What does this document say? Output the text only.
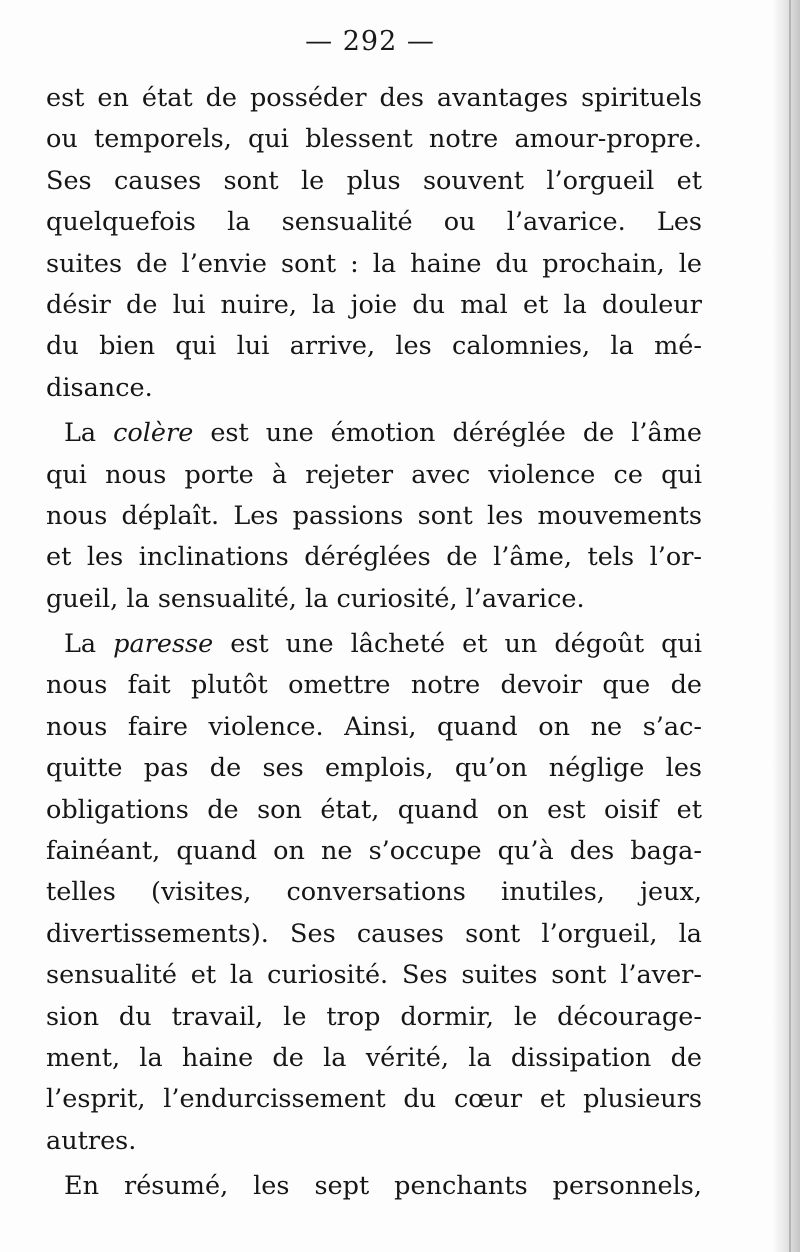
— 292 —
est en état de posséder des avantages spirituels
ou temporels, qui blessent notre amour-propre.
Ses causes sont le plus souvent l’orgueil et
quelquefois la sensualité ou l’avarice. Les
suites de l’envie sont : la haine du prochain, le
désir de lui nuire, la joie du mal et la douleur
du bien qui lui arrive, les calomnies, la mé-
disance.
La colère est une émotion déréglée de l’âme
qui nous porte à rejeter avec violence ce qui
nous déplaît. Les passions sont les mouvements
et les inclinations déréglées de l’âme, tels l’or-
gueil, la sensualité, la curiosité, l’avarice.
La paresse est une lâcheté et un dégoût qui
nous fait plutôt omettre notre devoir que de
nous faire violence. Ainsi, quand on ne s’ac-
quitte pas de ses emplois, qu’on néglige les
obligations de son état, quand on est oisif et
fainéant, quand on ne s’occupe qu’à des baga-
telles (visites, conversations inutiles, jeux,
divertissements). Ses causes sont l’orgueil, la
sensualité et la curiosité. Ses suites sont l’aver-
sion du travail, le trop dormir, le découragе-
ment, la haine de la vérité, la dissipation de
l’esprit, l’endurcissement du cœur et plusieurs
autres.
En résumé, les sept penchants personnels,
